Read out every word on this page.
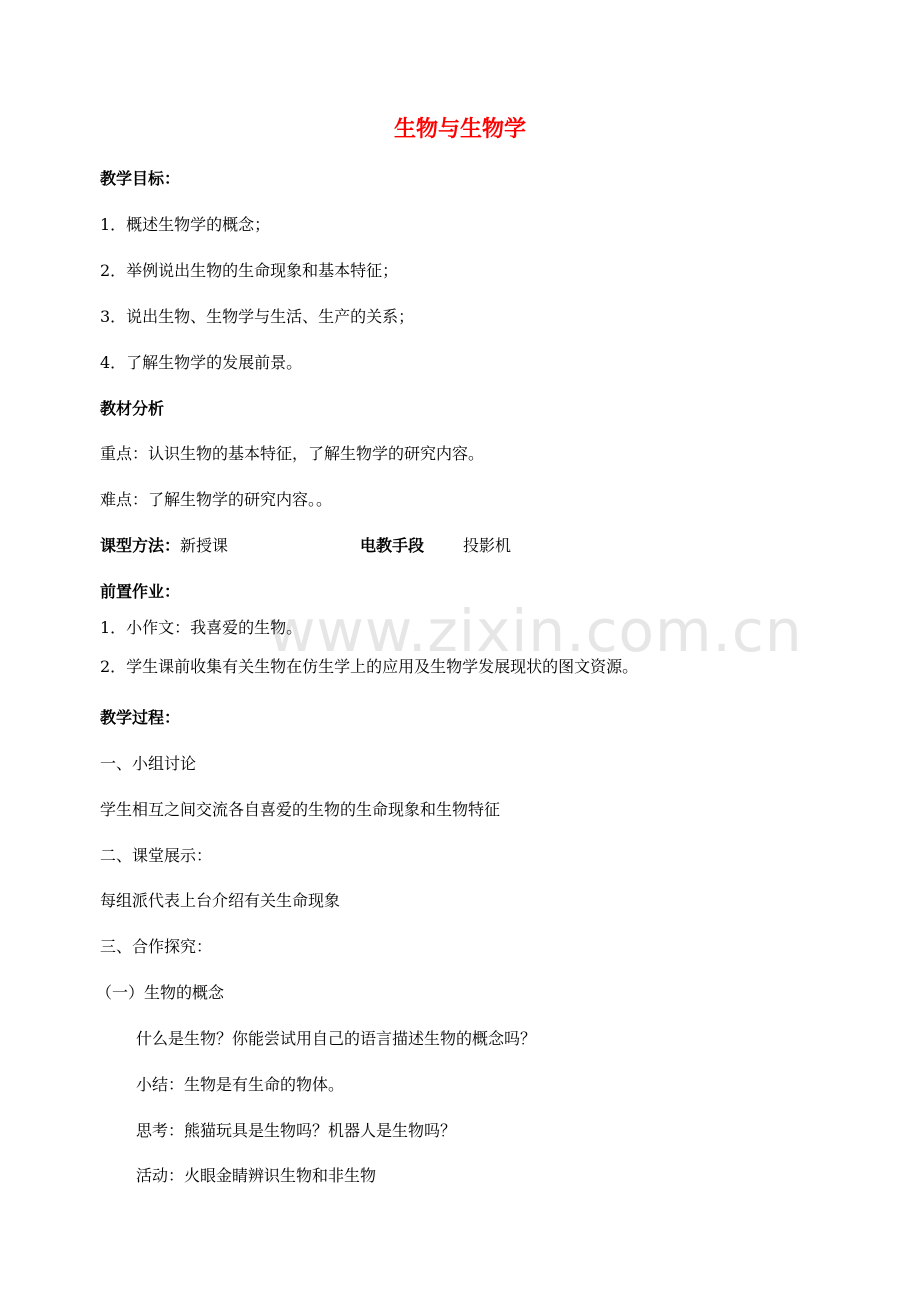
www.zixin.com.cn
生物与生物学
教学目标：
1．概述生物学的概念；
2．举例说出生物的生命现象和基本特征；
3．说出生物、生物学与生活、生产的关系；
4．了解生物学的发展前景。
教材分析
重点：认识生物的基本特征，了解生物学的研究内容。
难点：了解生物学的研究内容。。
课型方法：新授课	电教手段 投影机
前置作业：
1．小作文：我喜爱的生物。
2．学生课前收集有关生物在仿生学上的应用及生物学发展现状的图文资源。
教学过程：
一、小组讨论
学生相互之间交流各自喜爱的生物的生命现象和生物特征
二、课堂展示：
每组派代表上台介绍有关生命现象
三、合作探究：
（一）生物的概念
什么是生物？你能尝试用自己的语言描述生物的概念吗？
小结：生物是有生命的物体。
思考：熊猫玩具是生物吗？机器人是生物吗？
活动：火眼金睛辨识生物和非生物
